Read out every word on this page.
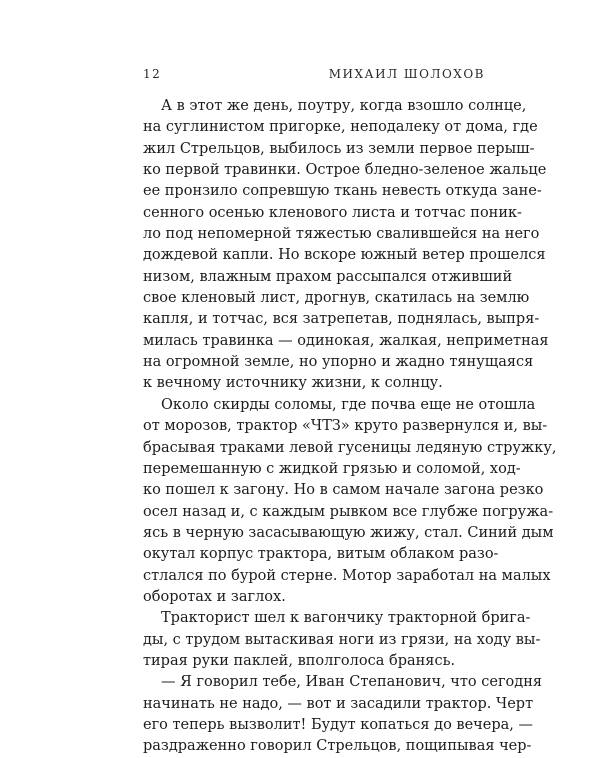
12	МИХАИЛ ШОЛОХОВ
А в этот же день, поутру, когда взошло солнце,
на суглинистом пригорке, неподалеку от дома, где
жил Стрельцов, выбилось из земли первое перыш-
ко первой травинки. Острое бледно-зеленое жальце
ее пронзило сопревшую ткань невесть откуда зане-
сенного осенью кленового листа и тотчас поник-
ло под непомерной тяжестью свалившейся на него
дождевой капли. Но вскоре южный ветер прошелся
низом, влажным прахом рассыпался отживший
свое кленовый лист, дрогнув, скатилась на землю
капля, и тотчас, вся затрепетав, поднялась, выпря-
милась травинка — одинокая, жалкая, неприметная
на огромной земле, но упорно и жадно тянущаяся
к вечному источнику жизни, к солнцу.
Около скирды соломы, где почва еще не отошла
от морозов, трактор «ЧТЗ» круто развернулся и, вы-
брасывая траками левой гусеницы ледяную стружку,
перемешанную с жидкой грязью и соломой, ход-
ко пошел к загону. Но в самом начале загона резко
осел назад и, с каждым рывком все глубже погружа-
ясь в черную засасывающую жижу, стал. Синий дым
окутал корпус трактора, витым облаком разо-
стлался по бурой стерне. Мотор заработал на малых
оборотах и заглох.
Тракторист шел к вагончику тракторной брига-
ды, с трудом вытаскивая ноги из грязи, на ходу вы-
тирая руки паклей, вполголоса бранясь.
— Я говорил тебе, Иван Степанович, что сегодня
начинать не надо, — вот и засадили трактор. Черт
его теперь вызволит! Будут копаться до вечера, —
раздраженно говорил Стрельцов, пощипывая чер-
